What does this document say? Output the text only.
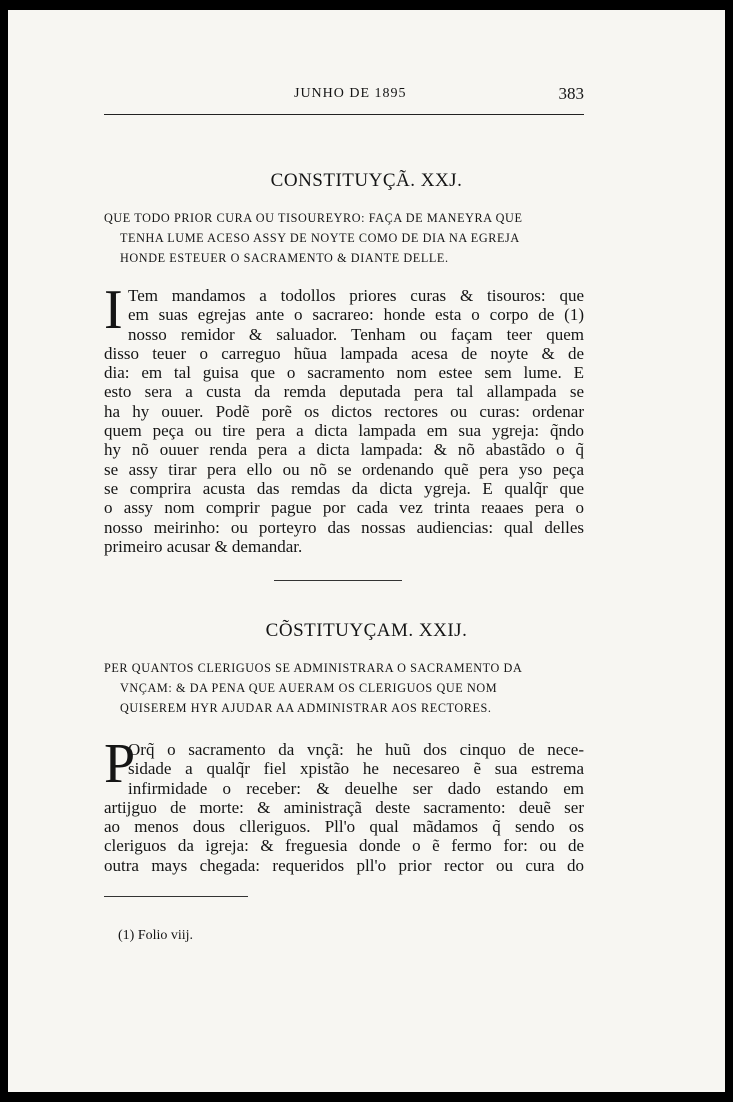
JUNHO DE 1895	383
CONSTITUYÇÃ. XXJ.
QUE TODO PRIOR CURA OU TISOUREYRO: FAÇA DE MANEYRA QUE
TENHA LUME ACESO ASSY DE NOYTE COMO DE DIA NA EGREJA
HONDE ESTEUER O SACRAMENTO & DIANTE DELLE.
I Tem mandamos a todollos priores curas & tisouros: que
em suas egrejas ante o sacrareo: honde esta o corpo de (1)
nosso remidor & saluador. Tenham ou façam teer quem
disso teuer o carreguo hũua lampada acesa de noyte & de
dia: em tal guisa que o sacramento nom estee sem lume. E
esto sera a custa da remda deputada pera tal allampada se
ha hy ouuer. Podẽ porẽ os dictos rectores ou curas: ordenar
quem peça ou tire pera a dicta lampada em sua ygreja: q̃ndo
hy nõ ouuer renda pera a dicta lampada: & nõ abastãdo o q̃
se assy tirar pera ello ou nõ se ordenando quẽ pera yso peça
se comprira acusta das remdas da dicta ygreja. E qualq̃r que
o assy nom comprir pague por cada vez trinta reaaes pera o
nosso meirinho: ou porteyro das nossas audiencias: qual delles
primeiro acusar & demandar.
CÕSTITUYÇAM. XXIJ.
PER QUANTOS CLERIGUOS SE ADMINISTRARA O SACRAMENTO DA
VNÇAM: & DA PENA QUE AUERAM OS CLERIGUOS QUE NOM
QUISEREM HYR AJUDAR AA ADMINISTRAR AOS RECTORES.
P
Orq̃ o sacramento da vnçã: he huũ dos cinquo de nece-
sidade a qualq̃r fiel xpistão he necesareo ẽ sua estrema
infirmidade o receber: & deuelhe ser dado estando em
artijguo de morte: & aministraçã deste sacramento: deuẽ ser
ao menos dous clleriguos. Pll'o qual mãdamos q̃ sendo os
cleriguos da igreja: & freguesia donde o ẽ fermo for: ou de
outra mays chegada: requeridos pll'o prior rector ou cura do
(1) Folio viij.
